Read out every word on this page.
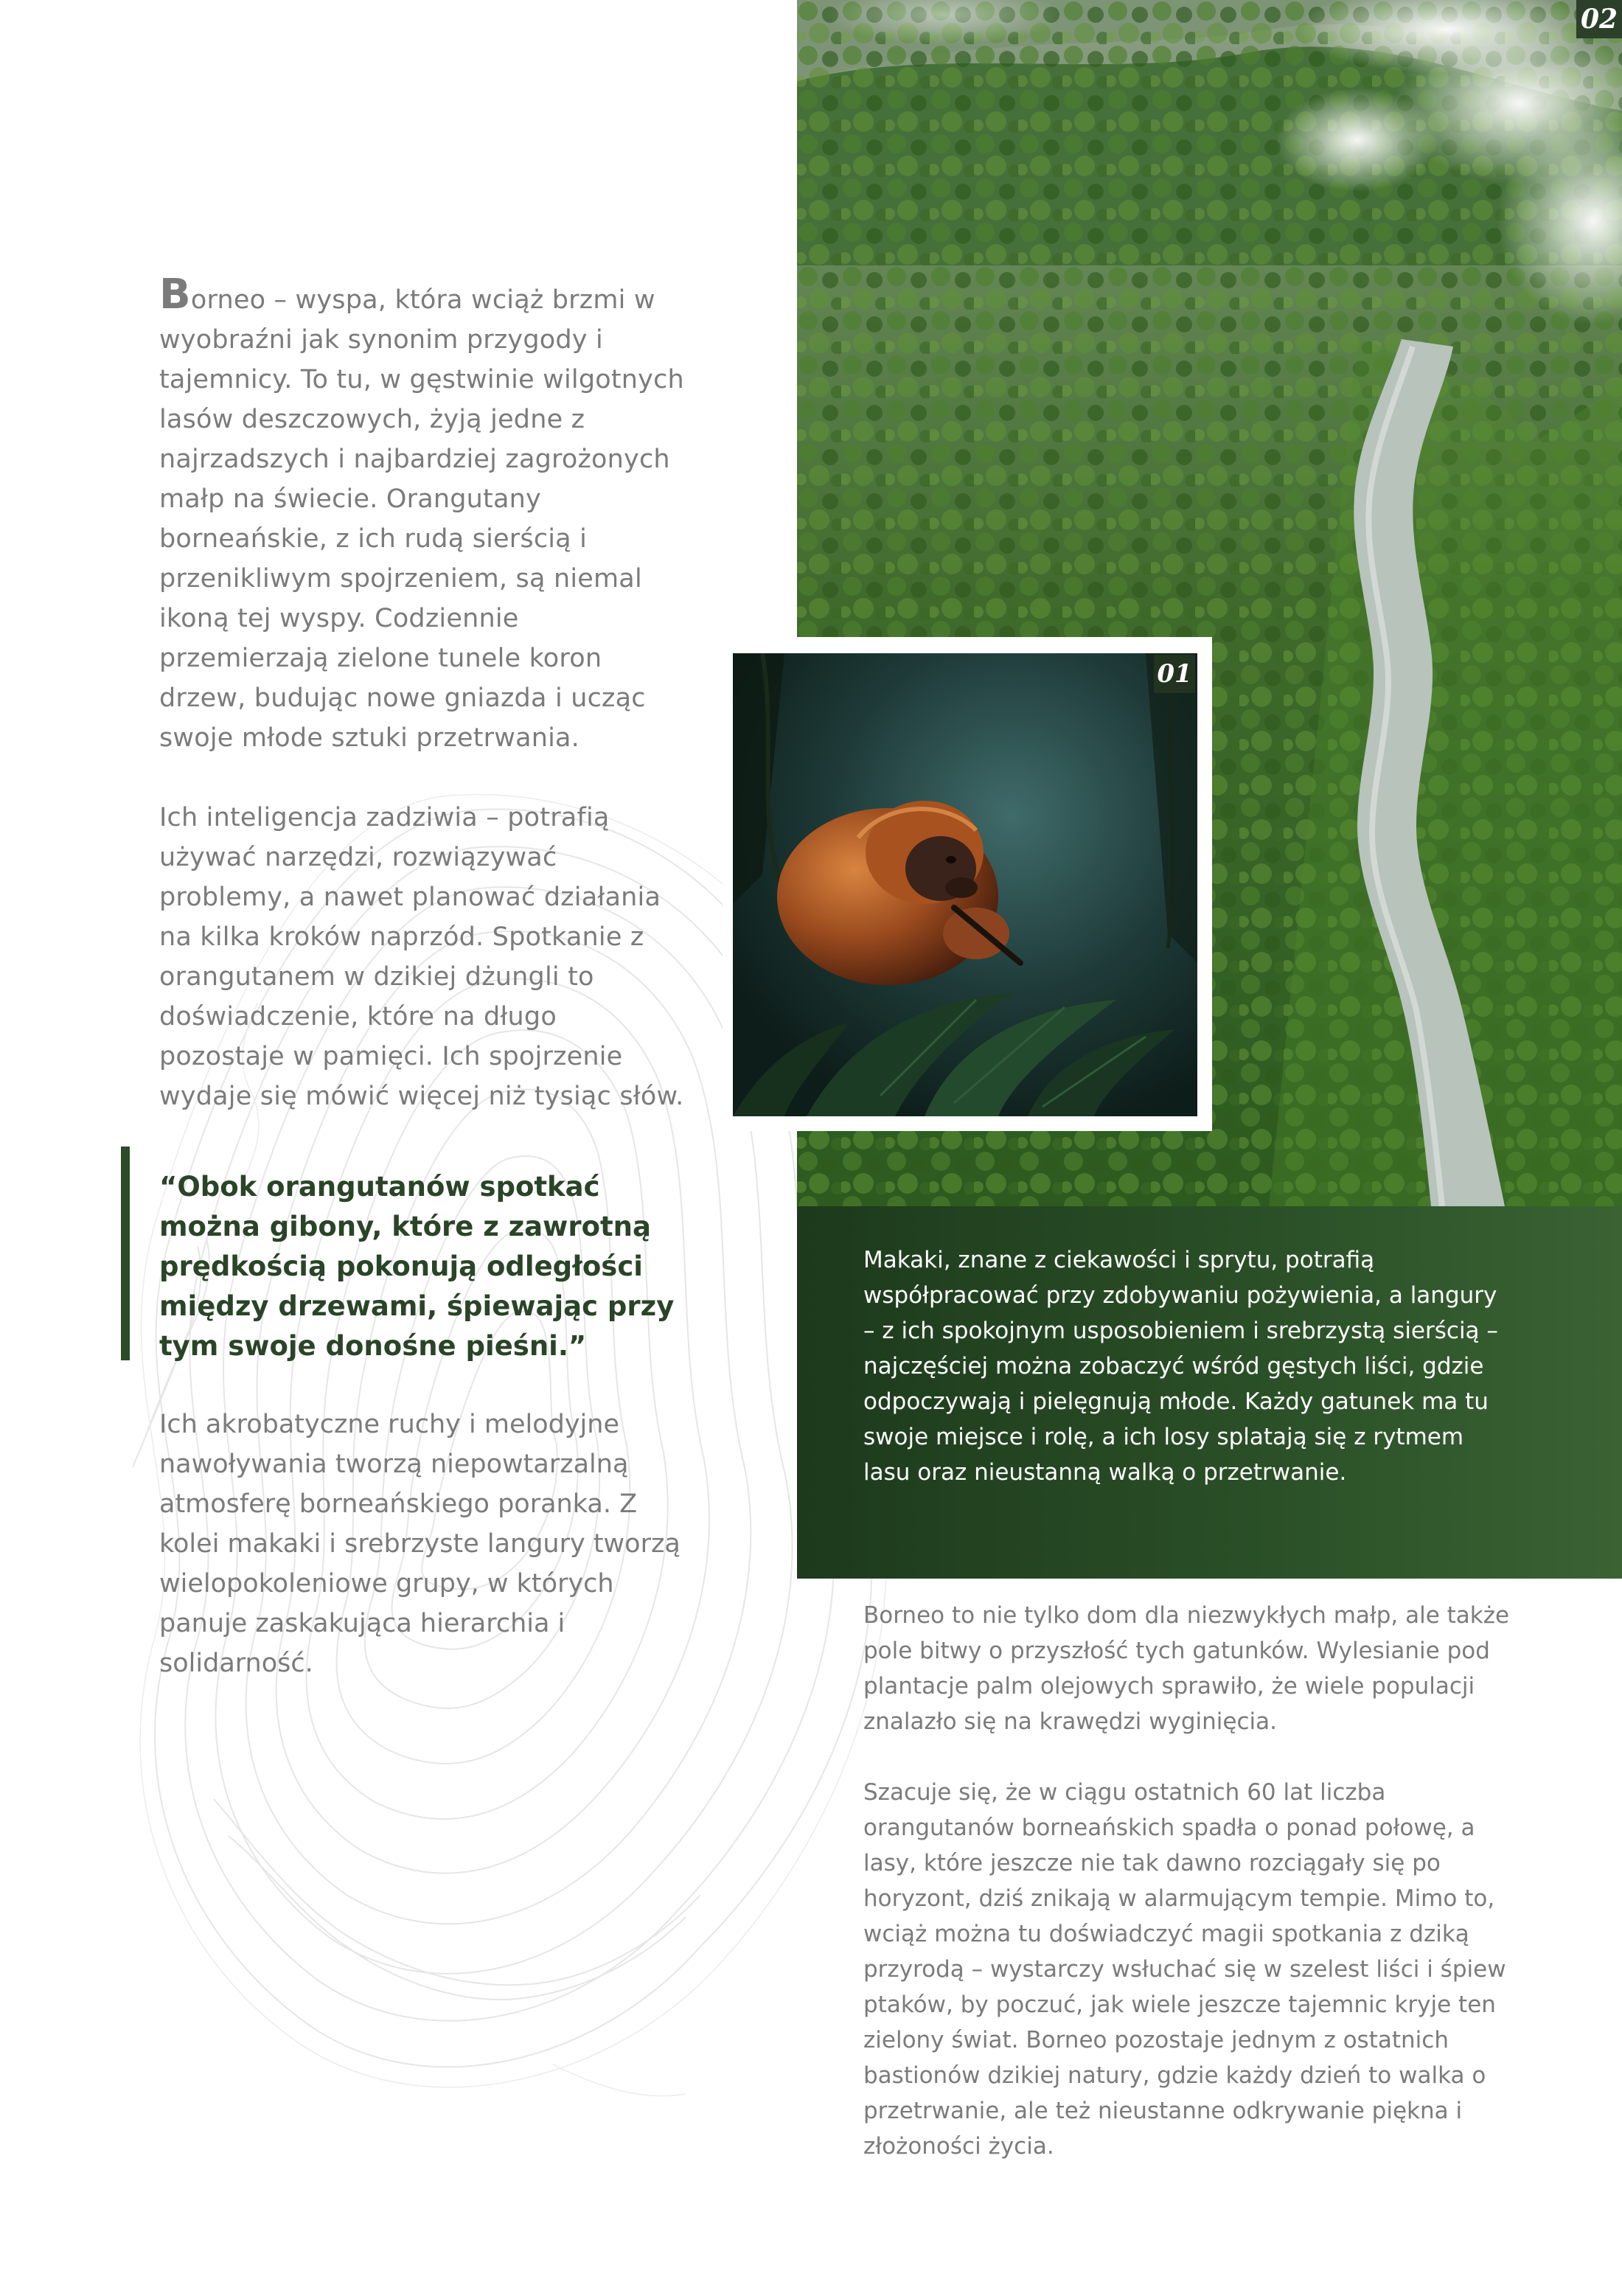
Borneo – wyspa, która wciąż brzmi w wyobraźni jak synonim przygody i tajemnicy. To tu, w gęstwinie wilgotnych lasów deszczowych, żyją jedne z najrzadszych i najbardziej zagrożonych małp na świecie. Orangutany borneańskie, z ich rudą sierścią i przenikliwym spojrzeniem, są niemal ikoną tej wyspy. Codziennie przemierzają zielone tunele koron drzew, budując nowe gniazda i ucząc swoje młode sztuki przetrwania.

Ich inteligencja zadziwia – potrafią używać narzędzi, rozwiązywać problemy, a nawet planować działania na kilka kroków naprzód. Spotkanie z orangutanem w dzikiej dżungli to doświadczenie, które na długo pozostaje w pamięci. Ich spojrzenie wydaje się mówić więcej niż tysiąc słów.

“Obok orangutanów spotkać można gibony, które z zawrotną prędkością pokonują odległości między drzewami, śpiewając przy tym swoje donośne pieśni.”

Ich akrobatyczne ruchy i melodyjne nawoływania tworzą niepowtarzalną atmosferę borneańskiego poranka. Z kolei makaki i srebrzyste langury tworzą wielopokoleniowe grupy, w których panuje zaskakująca hierarchia i solidarność.

02
01

Makaki, znane z ciekawości i sprytu, potrafią współpracować przy zdobywaniu pożywienia, a langury – z ich spokojnym usposobieniem i srebrzystą sierścią – najczęściej można zobaczyć wśród gęstych liści, gdzie odpoczywają i pielęgnują młode. Każdy gatunek ma tu swoje miejsce i rolę, a ich losy splatają się z rytmem lasu oraz nieustanną walką o przetrwanie.

Borneo to nie tylko dom dla niezwykłych małp, ale także pole bitwy o przyszłość tych gatunków. Wylesianie pod plantacje palm olejowych sprawiło, że wiele populacji znalazło się na krawędzi wyginięcia.

Szacuje się, że w ciągu ostatnich 60 lat liczba orangutanów borneańskich spadła o ponad połowę, a lasy, które jeszcze nie tak dawno rozciągały się po horyzont, dziś znikają w alarmującym tempie. Mimo to, wciąż można tu doświadczyć magii spotkania z dziką przyrodą – wystarczy wsłuchać się w szelest liści i śpiew ptaków, by poczuć, jak wiele jeszcze tajemnic kryje ten zielony świat. Borneo pozostaje jednym z ostatnich bastionów dzikiej natury, gdzie każdy dzień to walka o przetrwanie, ale też nieustanne odkrywanie piękna i złożoności życia.
